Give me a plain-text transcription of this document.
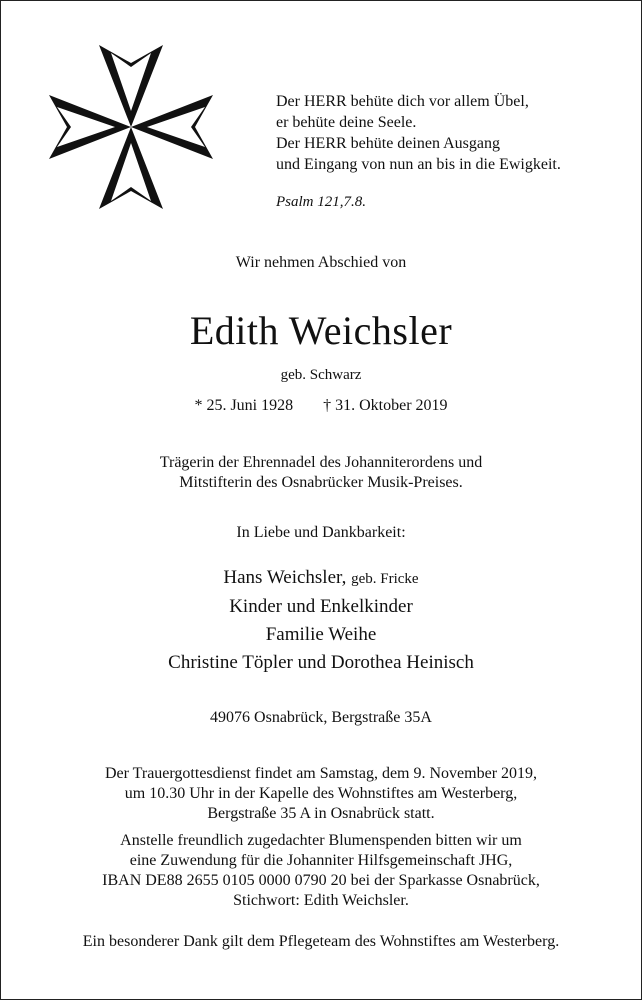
Der HERR behüte dich vor allem Übel,
er behüte deine Seele.
Der HERR behüte deinen Ausgang
und Eingang von nun an bis in die Ewigkeit.
Psalm 121,7.8.
Wir nehmen Abschied von
Edith Weichsler
geb. Schwarz
* 25. Juni 1928 † 31. Oktober 2019
Trägerin der Ehrennadel des Johanniterordens und
Mitstifterin des Osnabrücker Musik-Preises.
In Liebe und Dankbarkeit:
Hans Weichsler, geb. Fricke
Kinder und Enkelkinder
Familie Weihe
Christine Töpler und Dorothea Heinisch
49076 Osnabrück, Bergstraße 35A
Der Trauergottesdienst findet am Samstag, dem 9. November 2019,
um 10.30 Uhr in der Kapelle des Wohnstiftes am Westerberg,
Bergstraße 35 A in Osnabrück statt.
Anstelle freundlich zugedachter Blumenspenden bitten wir um
eine Zuwendung für die Johanniter Hilfsgemeinschaft JHG,
IBAN DE88 2655 0105 0000 0790 20 bei der Sparkasse Osnabrück,
Stichwort: Edith Weichsler.
Ein besonderer Dank gilt dem Pflegeteam des Wohnstiftes am Westerberg.
